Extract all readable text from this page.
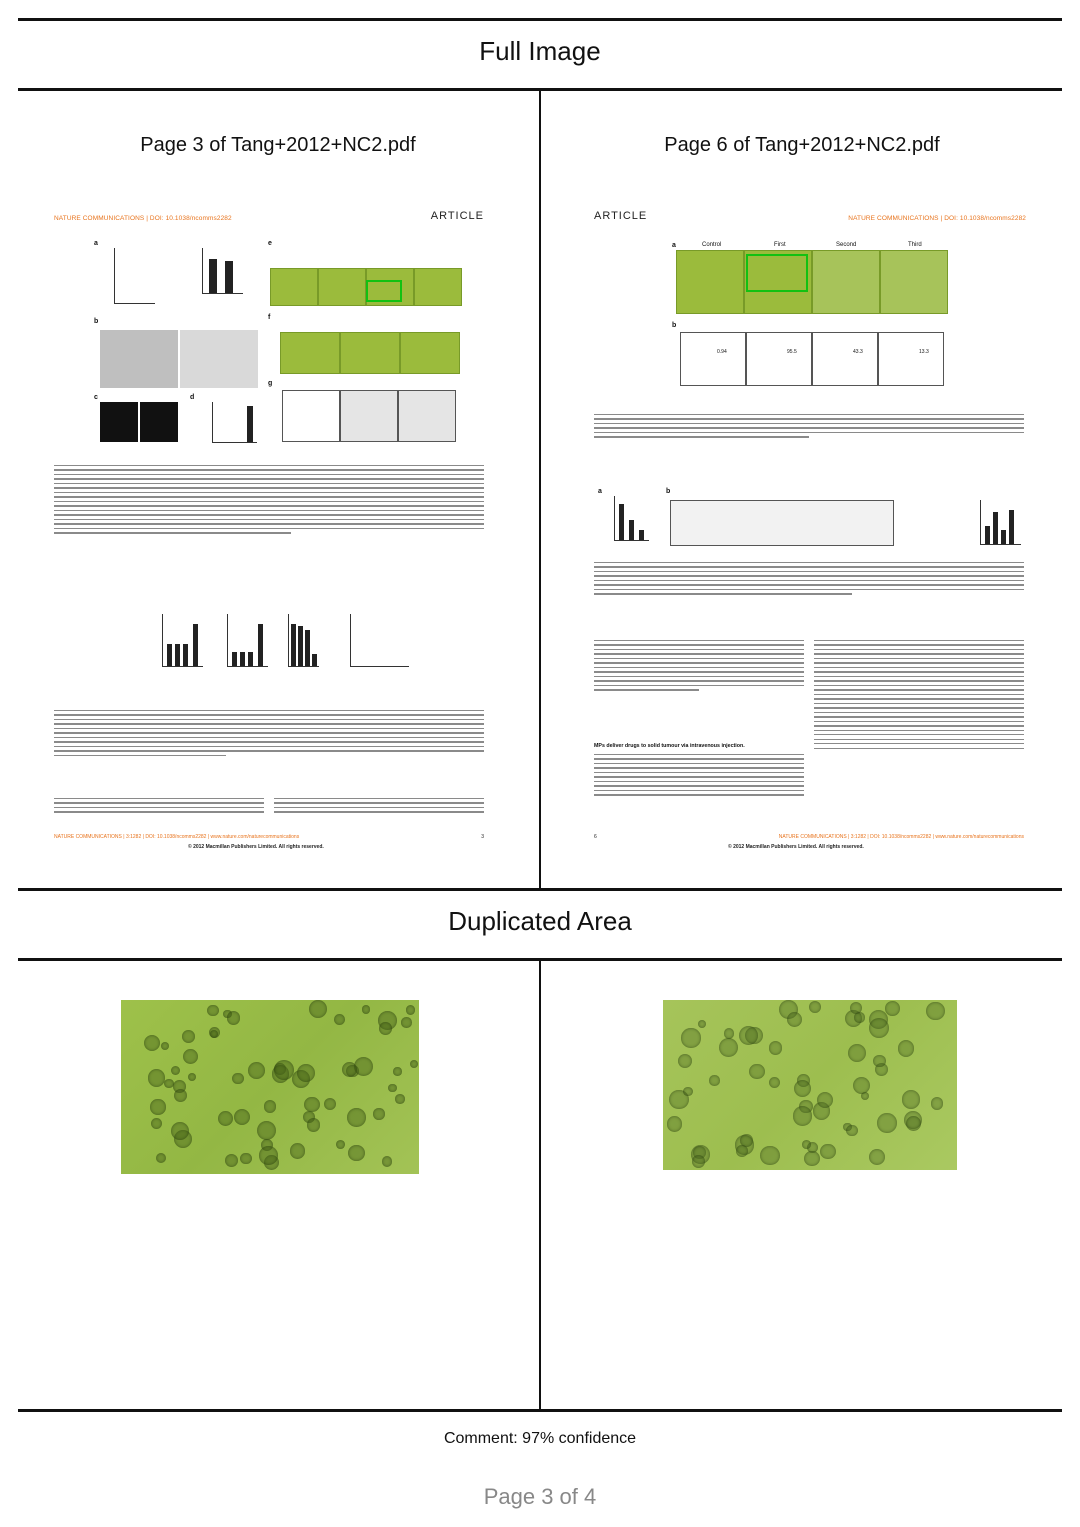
Full Image
Page 3 of Tang+2012+NC2.pdf	Page 6 of Tang+2012+NC2.pdf
NATURE COMMUNICATIONS | DOI: 10.1038/ncomms2282	ARTICLE
a	e
b
f
c	d
g
NATURE COMMUNICATIONS | 3:1282 | DOI: 10.1038/ncomms2282 | www.nature.com/naturecommunications	3
© 2012 Macmillan Publishers Limited. All rights reserved.
ARTICLE	NATURE COMMUNICATIONS | DOI: 10.1038/ncomms2282
a	Control	First	Second	Third
b
0.94	95.5	43.3	13.3
a	b
MPs deliver drugs to solid tumour via intravenous injection.
6	NATURE COMMUNICATIONS | 3:1282 | DOI: 10.1038/ncomms2282 | www.nature.com/naturecommunications
© 2012 Macmillan Publishers Limited. All rights reserved.
Duplicated Area
Comment: 97% confidence
Page 3 of 4
